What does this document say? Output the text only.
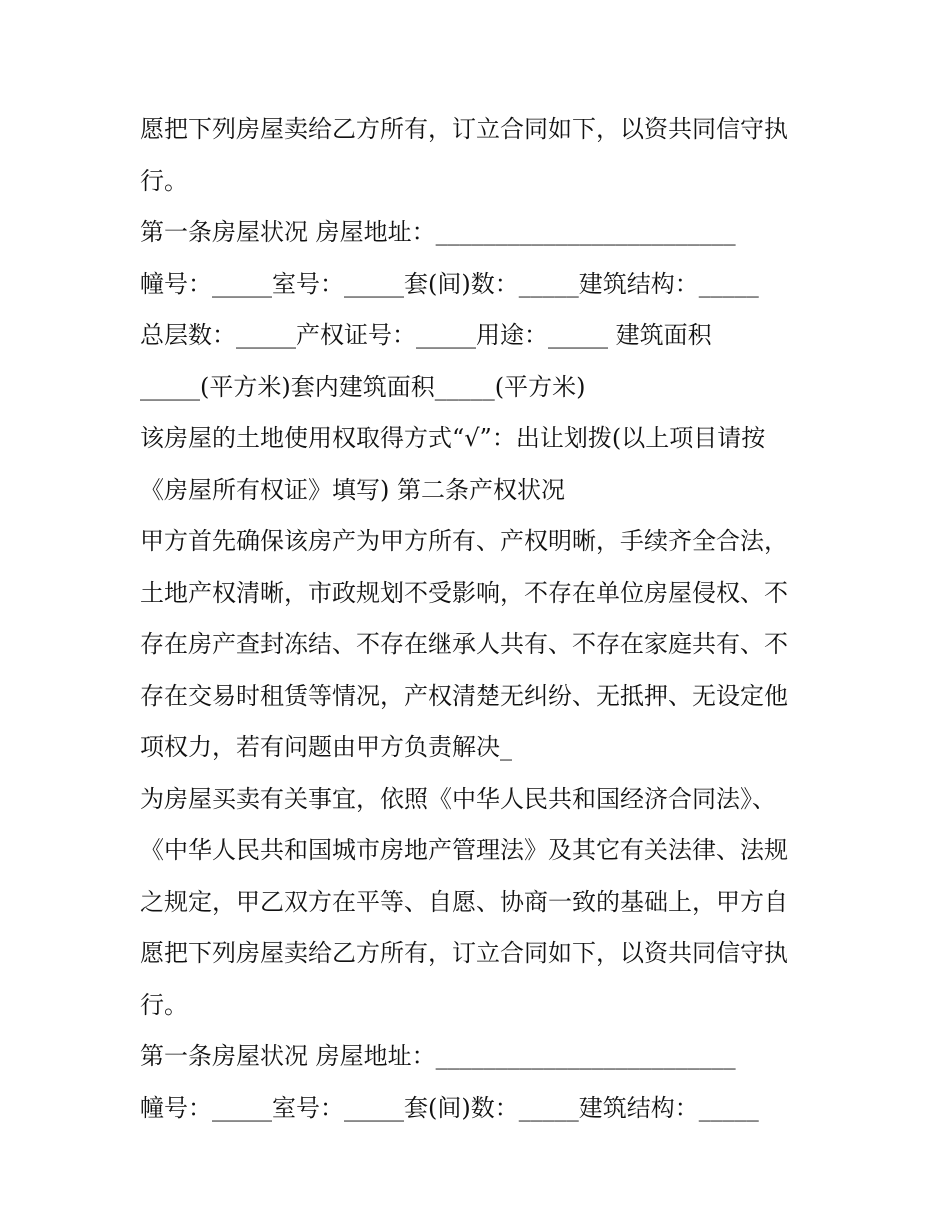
愿把下列房屋卖给乙方所有，订立合同如下，以资共同信守执
行。
第一条房屋状况 房屋地址：_________________________
幢号：_____室号：_____套(间)数：_____建筑结构：_____
总层数：_____产权证号：_____用途：_____ 建筑面积
_____(平方米)套内建筑面积_____(平方米)
该房屋的土地使用权取得方式“√”：出让划拨(以上项目请按
《房屋所有权证》填写) 第二条产权状况
甲方首先确保该房产为甲方所有、产权明晰，手续齐全合法，
土地产权清晰，市政规划不受影响，不存在单位房屋侵权、不
存在房产查封冻结、不存在继承人共有、不存在家庭共有、不
存在交易时租赁等情况，产权清楚无纠纷、无抵押、无设定他
项权力，若有问题由甲方负责解决_
为房屋买卖有关事宜，依照《中华人民共和国经济合同法》、
《中华人民共和国城市房地产管理法》及其它有关法律、法规
之规定，甲乙双方在平等、自愿、协商一致的基础上，甲方自
愿把下列房屋卖给乙方所有，订立合同如下，以资共同信守执
行。
第一条房屋状况 房屋地址：_________________________
幢号：_____室号：_____套(间)数：_____建筑结构：_____
